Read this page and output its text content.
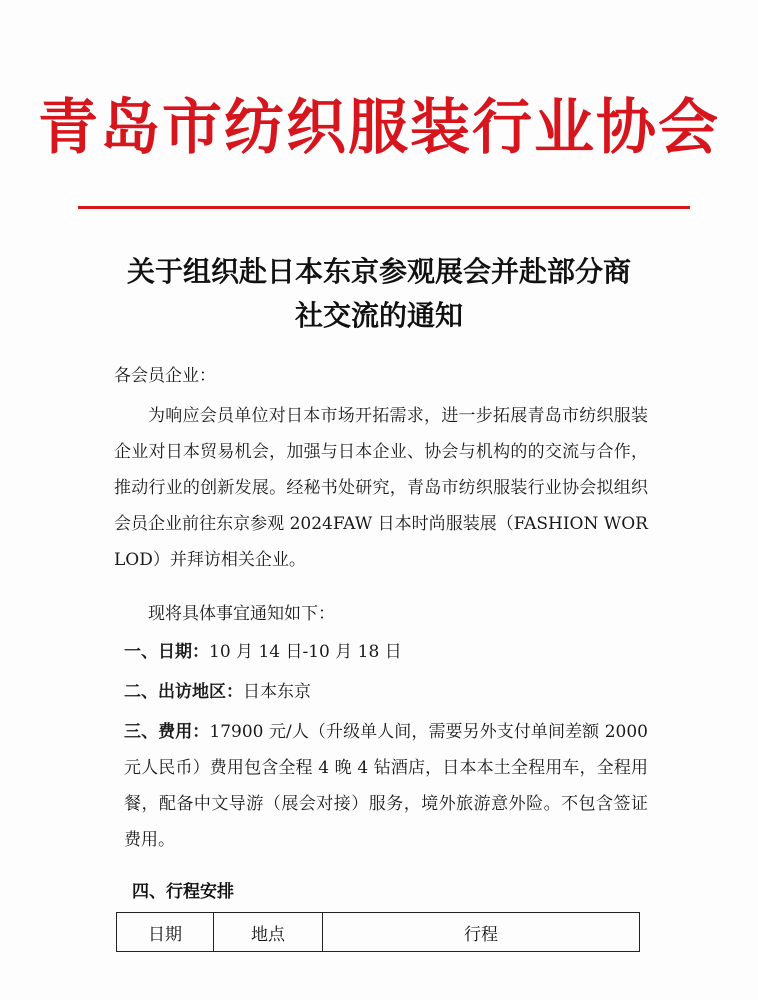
青岛市纺织服装行业协会
关于组织赴日本东京参观展会并赴部分商
社交流的通知
各会员企业：
为响应会员单位对日本市场开拓需求，进一步拓展青岛市纺织服装企业对日本贸易机会，加强与日本企业、协会与机构的的交流与合作，推动行业的创新发展。经秘书处研究，青岛市纺织服装行业协会拟组织会员企业前往东京参观 2024FAW 日本时尚服装展（FASHION WORLOD）并拜访相关企业。
现将具体事宜通知如下：
一、日期：10 月 14 日-10 月 18 日
二、出访地区：日本东京
三、费用：17900 元/人（升级单人间，需要另外支付单间差额 2000 元人民币）费用包含全程 4 晚 4 钻酒店，日本本土全程用车，全程用餐，配备中文导游（展会对接）服务，境外旅游意外险。不包含签证费用。
四、行程安排
日期	地点	行程
